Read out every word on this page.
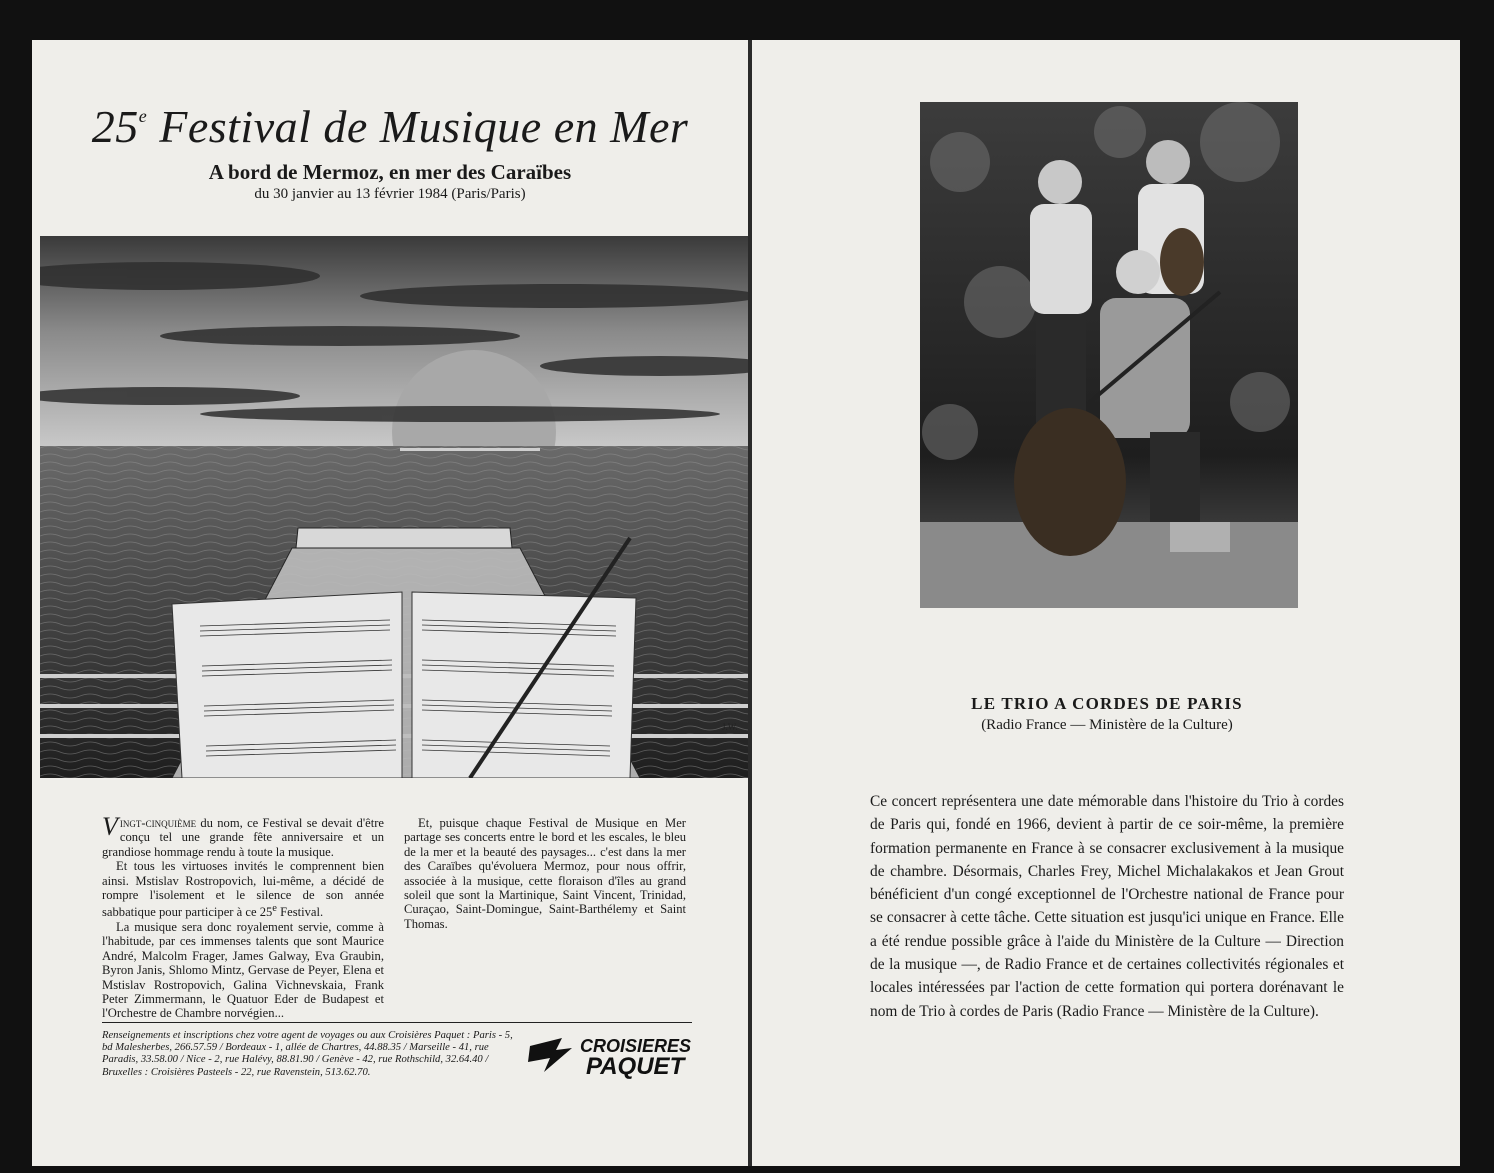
25e Festival de Musique en Mer
A bord de Mermoz, en mer des Caraïbes
du 30 janvier au 13 février 1984 (Paris/Paris)
J.W.

Vingt-cinquième du nom, ce Festival se devait d'être conçu tel une grande fête anniversaire et un grandiose hommage rendu à toute la musique.

Et tous les virtuoses invités le comprennent bien ainsi. Mstislav Rostropovich, lui-même, a décidé de rompre l'isolement et le silence de son année sabbatique pour participer à ce 25e Festival.

La musique sera donc royalement servie, comme à l'habitude, par ces immenses talents que sont Maurice André, Malcolm Frager, James Galway, Eva Graubin, Byron Janis, Shlomo Mintz, Gervase de Peyer, Elena et Mstislav Rostropovich, Galina Vichnevskaia, Frank Peter Zimmermann, le Quatuor Eder de Budapest et l'Orchestre de Chambre norvégien...

Et, puisque chaque Festival de Musique en Mer partage ses concerts entre le bord et les escales, le bleu de la mer et la beauté des paysages... c'est dans la mer des Caraïbes qu'évoluera Mermoz, pour nous offrir, associée à la musique, cette floraison d'îles au grand soleil que sont la Martinique, Saint Vincent, Trinidad, Curaçao, Saint-Domingue, Saint-Barthélemy et Saint Thomas.

Renseignements et inscriptions chez votre agent de voyages ou aux Croisières Paquet : Paris - 5, bd Malesherbes, 266.57.59 / Bordeaux - 1, allée de Chartres, 44.88.35 / Marseille - 41, rue Paradis, 33.58.00 / Nice - 2, rue Halévy, 88.81.90 / Genève - 42, rue Rothschild, 32.64.40 / Bruxelles : Croisières Pasteels - 22, rue Ravenstein, 513.62.70.
CROISIERES
PAQUET
LE TRIO A CORDES DE PARIS
(Radio France — Ministère de la Culture)
Ce concert représentera une date mémorable dans l'histoire du Trio à cordes de Paris qui, fondé en 1966, devient à partir de ce soir-même, la première formation permanente en France à se consacrer exclusivement à la musique de chambre. Désormais, Charles Frey, Michel Michalakakos et Jean Grout bénéficient d'un congé exceptionnel de l'Orchestre national de France pour se consacrer à cette tâche. Cette situation est jusqu'ici unique en France. Elle a été rendue possible grâce à l'aide du Ministère de la Culture — Direction de la musique —, de Radio France et de certaines collectivités régionales et locales intéressées par l'action de cette formation qui portera dorénavant le nom de Trio à cordes de Paris (Radio France — Ministère de la Culture).
